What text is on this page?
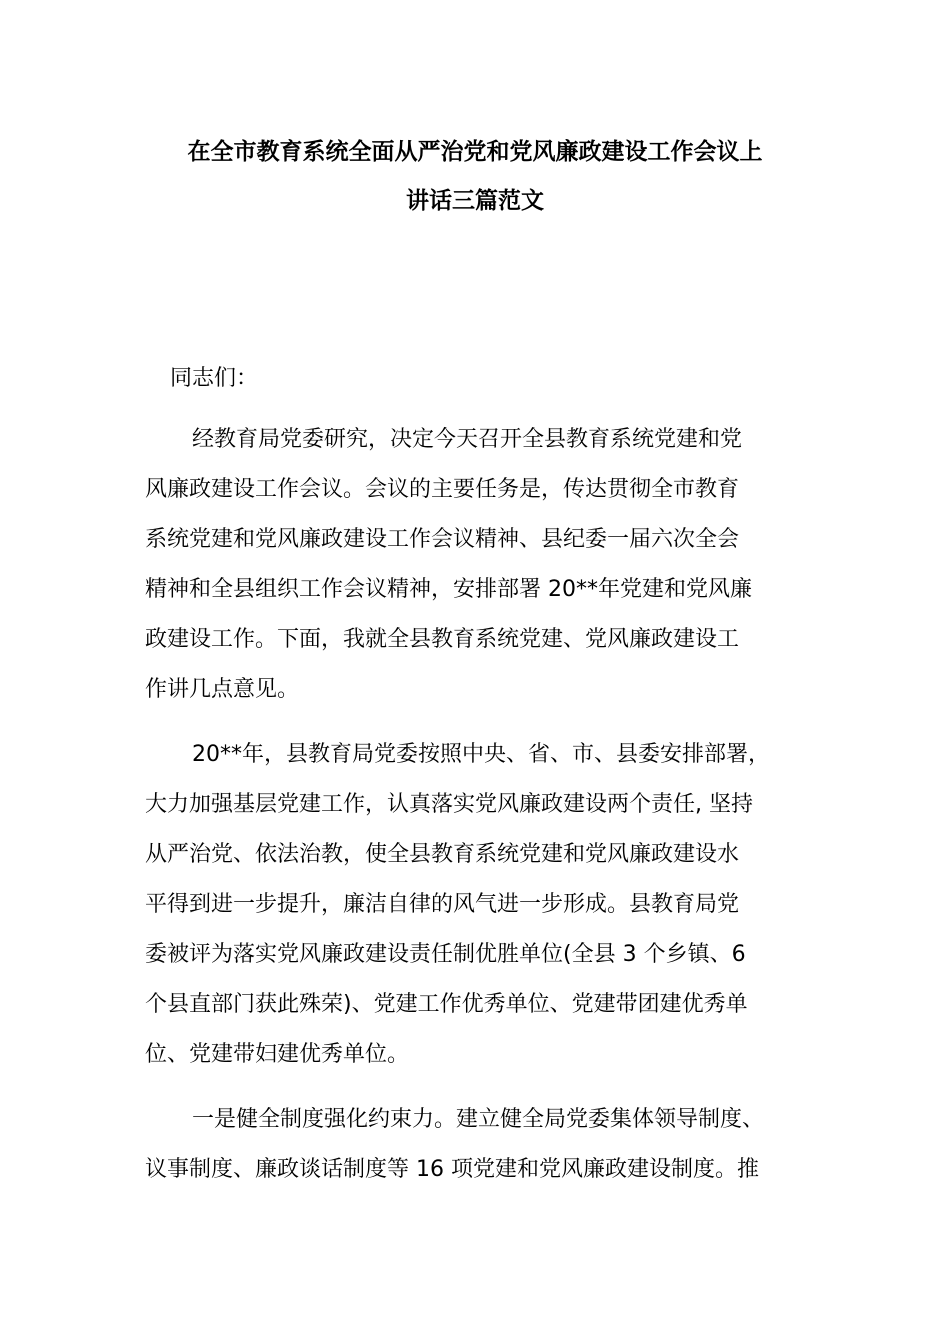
在全市教育系统全面从严治党和党风廉政建设工作会议上
讲话三篇范文
同志们：
经教育局党委研究，决定今天召开全县教育系统党建和党
风廉政建设工作会议。会议的主要任务是，传达贯彻全市教育
系统党建和党风廉政建设工作会议精神、县纪委一届六次全会
精神和全县组织工作会议精神，安排部署 20**年党建和党风廉
政建设工作。下面，我就全县教育系统党建、党风廉政建设工
作讲几点意见。
20**年，县教育局党委按照中央、省、市、县委安排部署，
大力加强基层党建工作，认真落实党风廉政建设两个责任, 坚持
从严治党、依法治教，使全县教育系统党建和党风廉政建设水
平得到进一步提升，廉洁自律的风气进一步形成。县教育局党
委被评为落实党风廉政建设责任制优胜单位(全县 3 个乡镇、6
个县直部门获此殊荣)、党建工作优秀单位、党建带团建优秀单
位、党建带妇建优秀单位。
一是健全制度强化约束力。建立健全局党委集体领导制度、
议事制度、廉政谈话制度等 16 项党建和党风廉政建设制度。推
